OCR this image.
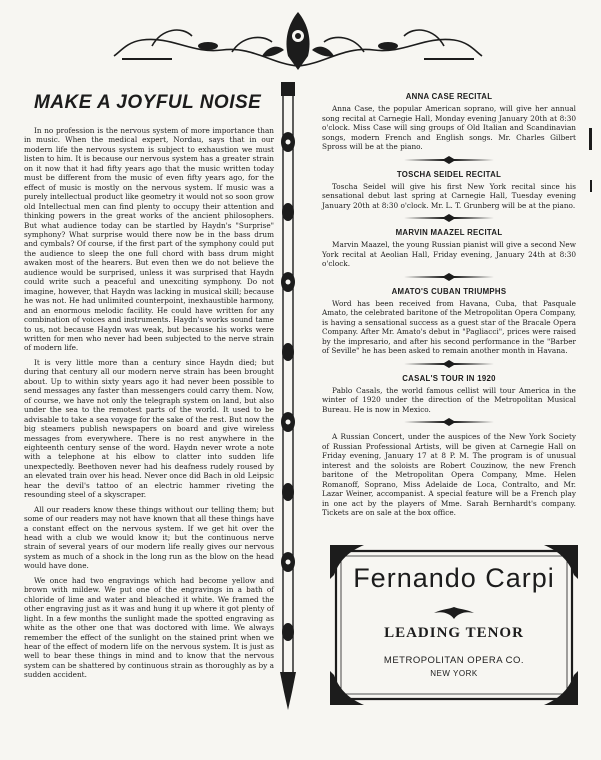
MAKE A JOYFUL NOISE

In no profession is the nervous system of more importance than in music. When the medical expert, Nordau, says that in our modern life the nervous system is subject to exhaustion we must listen to him. It is because our nervous system has a greater strain on it now that it had fifty years ago that the music written today must be different from the music of even fifty years ago, for the effect of music is mostly on the nervous system. If music was a purely intellectual product like geometry it would not so soon grow old Intellectual men can find plenty to occupy their attention and thinking powers in the great works of the ancient philosophers. But what audience today can be startled by Haydn's "Surprise" symphony? What surprise would there now be in the bass drum and cymbals? Of course, if the first part of the symphony could put the audience to sleep the one full chord with bass drum might awaken most of the hearers. But even then we do not believe the audience would be surprised, unless it was surprised that Haydn could write such a peaceful and unexciting symphony. Do not imagine, however, that Haydn was lacking in musical skill; because he was not. He had unlimited counterpoint, inexhaustible harmony, and an enormous melodic facility. He could have written for any combination of voices and instruments. Haydn's works sound tame to us, not because Haydn was weak, but because his works were written for men who never had been subjected to the nerve strain of modern life.

It is very little more than a century since Haydn died; but during that century all our modern nerve strain has been brought about. Up to within sixty years ago it had never been possible to send messages any faster than messengers could carry them. Now, of course, we have not only the telegraph system on land, but also under the sea to the remotest parts of the world. It used to be advisable to take a sea voyage for the sake of the rest. But now the big steamers publish newspapers on board and give wireless messages from everywhere. There is no rest anywhere in the eighteenth century sense of the word. Haydn never wrote a note with a telephone at his elbow to clatter into sudden life unexpectedly. Beethoven never had his deafness rudely roused by an elevated train over his head. Never once did Bach in old Leipsic hear the devil's tattoo of an electric hammer riveting the resounding steel of a skyscraper.

All our readers know these things without our telling them; but some of our readers may not have known that all these things have a constant effect on the nervous system. If we get hit over the head with a club we would know it; but the continuous nerve strain of several years of our modern life really gives our nervous system as much of a shock in the long run as the blow on the head would have done.

We once had two engravings which had become yellow and brown with mildew. We put one of the engravings in a bath of chloride of lime and water and bleached it white. We framed the other engraving just as it was and hung it up where it got plenty of light. In a few months the sunlight made the spotted engraving as white as the other one that was doctored with lime. We always remember the effect of the sunlight on the stained print when we hear of the effect of modern life on the nervous system. It is just as well to bear these things in mind and to know that the nervous system can be shattered by continuous strain as thoroughly as by a sudden accident.

ANNA CASE RECITAL

Anna Case, the popular American soprano, will give her annual song recital at Carnegie Hall, Monday evening January 20th at 8:30 o'clock. Miss Case will sing groups of Old Italian and Scandinavian songs, modern French and English songs. Mr. Charles Gilbert Spross will be at the piano.

TOSCHA SEIDEL RECITAL

Toscha Seidel will give his first New York recital since his sensational debut last spring at Carnegie Hall, Tuesday evening January 20th at 8:30 o'clock. Mr. L. T. Grunberg will be at the piano.

MARVIN MAAZEL RECITAL

Marvin Maazel, the young Russian pianist will give a second New York recital at Aeolian Hall, Friday evening, January 24th at 8:30 o'clock.

AMATO'S CUBAN TRIUMPHS

Word has been received from Havana, Cuba, that Pasquale Amato, the celebrated baritone of the Metropolitan Opera Company, is having a sensational success as a guest star of the Bracale Opera Company. After Mr. Amato's debut in "Pagliacci", prices were raised by the impresario, and after his second performance in the "Barber of Seville" he has been asked to remain another month in Havana.

CASAL'S TOUR IN 1920

Pablo Casals, the world famous cellist will tour America in the winter of 1920 under the direction of the Metropolitan Musical Bureau. He is now in Mexico.

A Russian Concert, under the auspices of the New York Society of Russian Professional Artists, will be given at Carnegie Hall on Friday evening, January 17 at 8 P. M. The program is of unusual interest and the soloists are Robert Couzinow, the new French baritone of the Metropolitan Opera Company, Mme. Helen Romanoff, Soprano, Miss Adelaide de Loca, Contralto, and Mr. Lazar Weiner, accompanist. A special feature will be a French play in one act by the players of Mme. Sarah Bernhardt's company. Tickets are on sale at the box office.

Fernando Carpi

LEADING TENOR

METROPOLITAN OPERA CO.

NEW YORK
